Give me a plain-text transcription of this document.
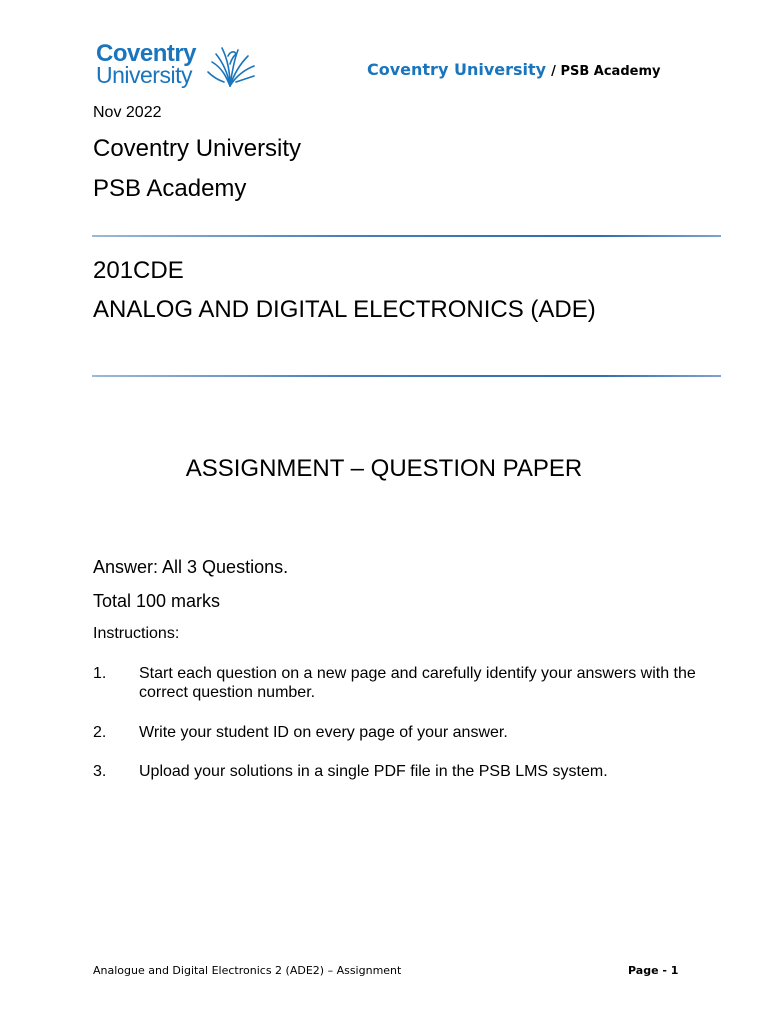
Coventry
University	Coventry University / PSB Academy
Nov 2022
Coventry University
PSB Academy
201CDE
ANALOG AND DIGITAL ELECTRONICS (ADE)
ASSIGNMENT – QUESTION PAPER
Answer: All 3 Questions.
Total 100 marks
Instructions:
1. Start each question on a new page and carefully identify your answers with the correct question number.
2. Write your student ID on every page of your answer.
3. Upload your solutions in a single PDF file in the PSB LMS system.
Analogue and Digital Electronics 2 (ADE2) – Assignment	Page - 1
